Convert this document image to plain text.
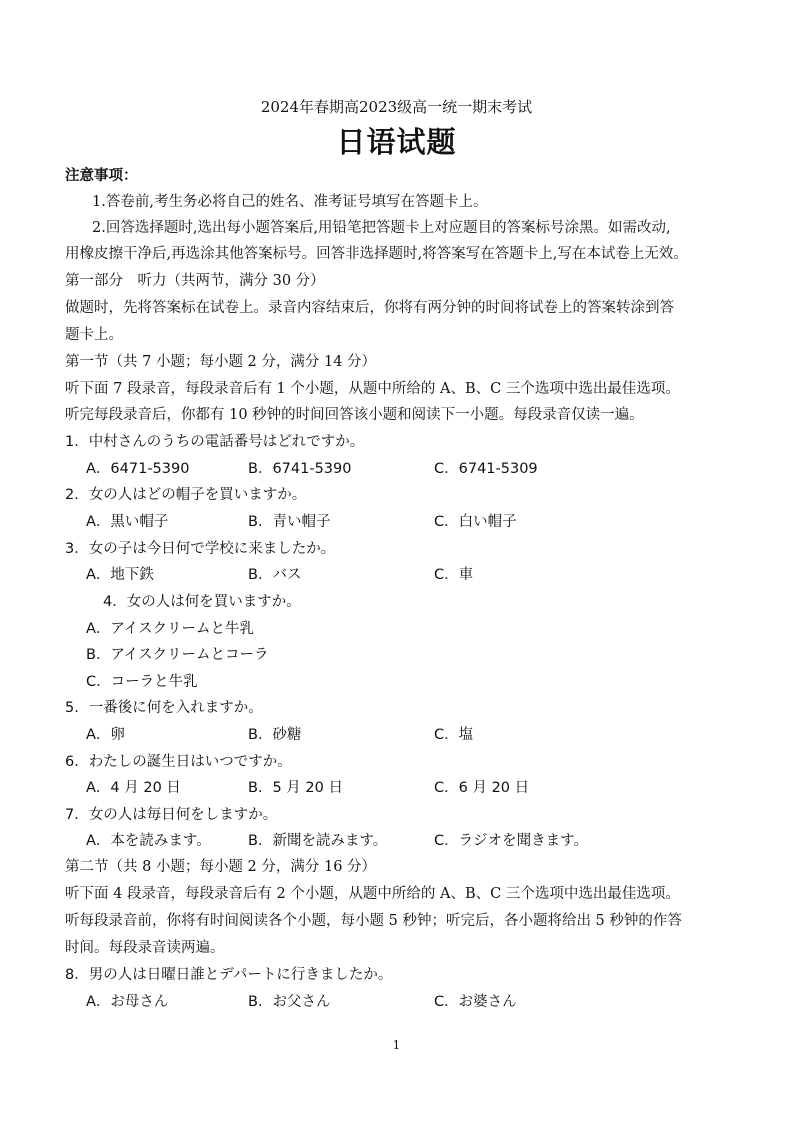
2024年春期高2023级高一统一期末考试
日语试题
注意事项：
1.答卷前,考生务必将自己的姓名、准考证号填写在答题卡上。
2.回答选择题时,选出每小题答案后,用铅笔把答题卡上对应题目的答案标号涂黑。如需改动,
用橡皮擦干净后,再选涂其他答案标号。回答非选择题时,将答案写在答题卡上,写在本试卷上无效。
第一部分　听力（共两节，满分 30 分）
做题时，先将答案标在试卷上。录音内容结束后，你将有两分钟的时间将试卷上的答案转涂到答
题卡上。
第一节（共 7 小题；每小题 2 分，满分 14 分）
听下面 7 段录音，每段录音后有 1 个小题，从题中所给的 A、B、C 三个选项中选出最佳选项。
听完每段录音后，你都有 10 秒钟的时间回答该小题和阅读下一小题。每段录音仅读一遍。
1．中村さんのうちの電話番号はどれですか。
A．6471-5390	B．6741-5390	C．6741-5309
2．女の人はどの帽子を買いますか。
A．黒い帽子	B．青い帽子	C．白い帽子
3．女の子は今日何で学校に来ましたか。
A．地下鉄	B．バス	C．車
4．女の人は何を買いますか。
A．アイスクリームと牛乳
B．アイスクリームとコーラ
C．コーラと牛乳
5．一番後に何を入れますか。
A．卵	B．砂糖	C．塩
6．わたしの誕生日はいつですか。
A．4 月 20 日	B．5 月 20 日	C．6 月 20 日
7．女の人は毎日何をしますか。
A．本を読みます。	B．新聞を読みます。	C．ラジオを聞きます。
第二节（共 8 小题；每小题 2 分，满分 16 分）
听下面 4 段录音，每段录音后有 2 个小题，从题中所给的 A、B、C 三个选项中选出最佳选项。
听每段录音前，你将有时间阅读各个小题，每小题 5 秒钟；听完后，各小题将给出 5 秒钟的作答
时间。每段录音读两遍。
8．男の人は日曜日誰とデパートに行きましたか。
A．お母さん	B．お父さん	C．お婆さん
1
